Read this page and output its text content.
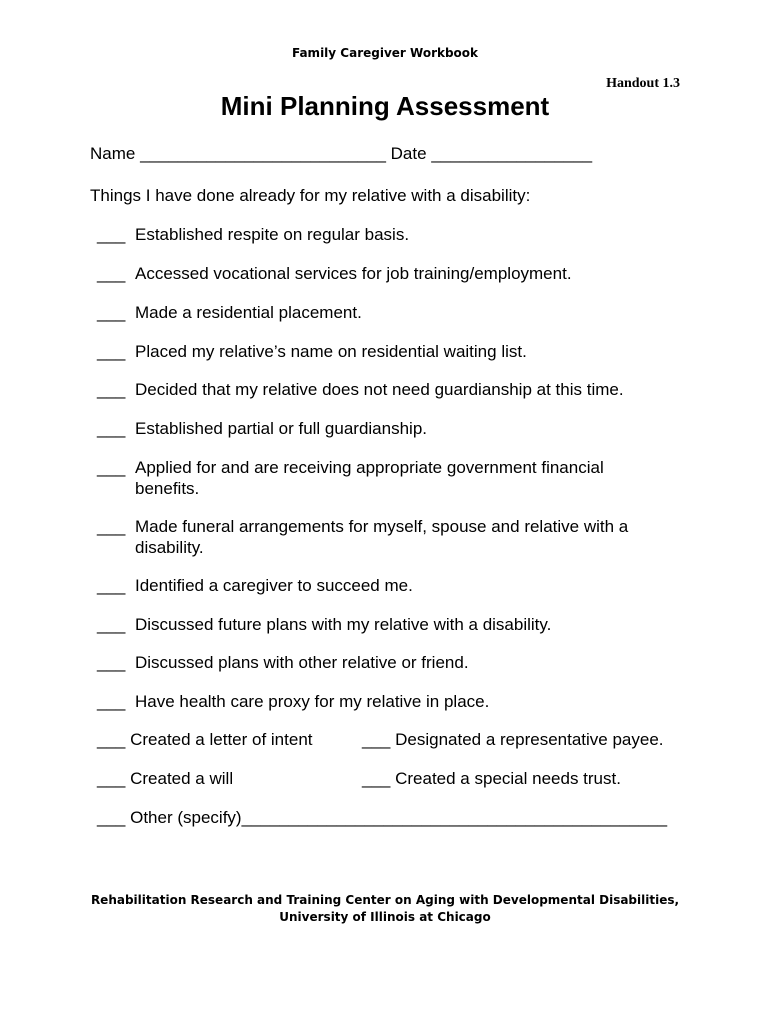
Family Caregiver Workbook
Handout 1.3
Mini Planning Assessment
Name __________________________ Date _________________
Things I have done already for my relative with a disability:
___ Established respite on regular basis.
___ Accessed vocational services for job training/employment.
___ Made a residential placement.
___ Placed my relative’s name on residential waiting list.
___ Decided that my relative does not need guardianship at this time.
___ Established partial or full guardianship.
___ Applied for and are receiving appropriate government financial benefits.
___ Made funeral arrangements for myself, spouse and relative with a disability.
___ Identified a caregiver to succeed me.
___ Discussed future plans with my relative with a disability.
___ Discussed plans with other relative or friend.
___ Have health care proxy for my relative in place.
___ Created a letter of intent	___ Designated a representative payee.
___ Created a will	___ Created a special needs trust.
___ Other (specify)_____________________________________________
Rehabilitation Research and Training Center on Aging with Developmental Disabilities,
University of Illinois at Chicago
